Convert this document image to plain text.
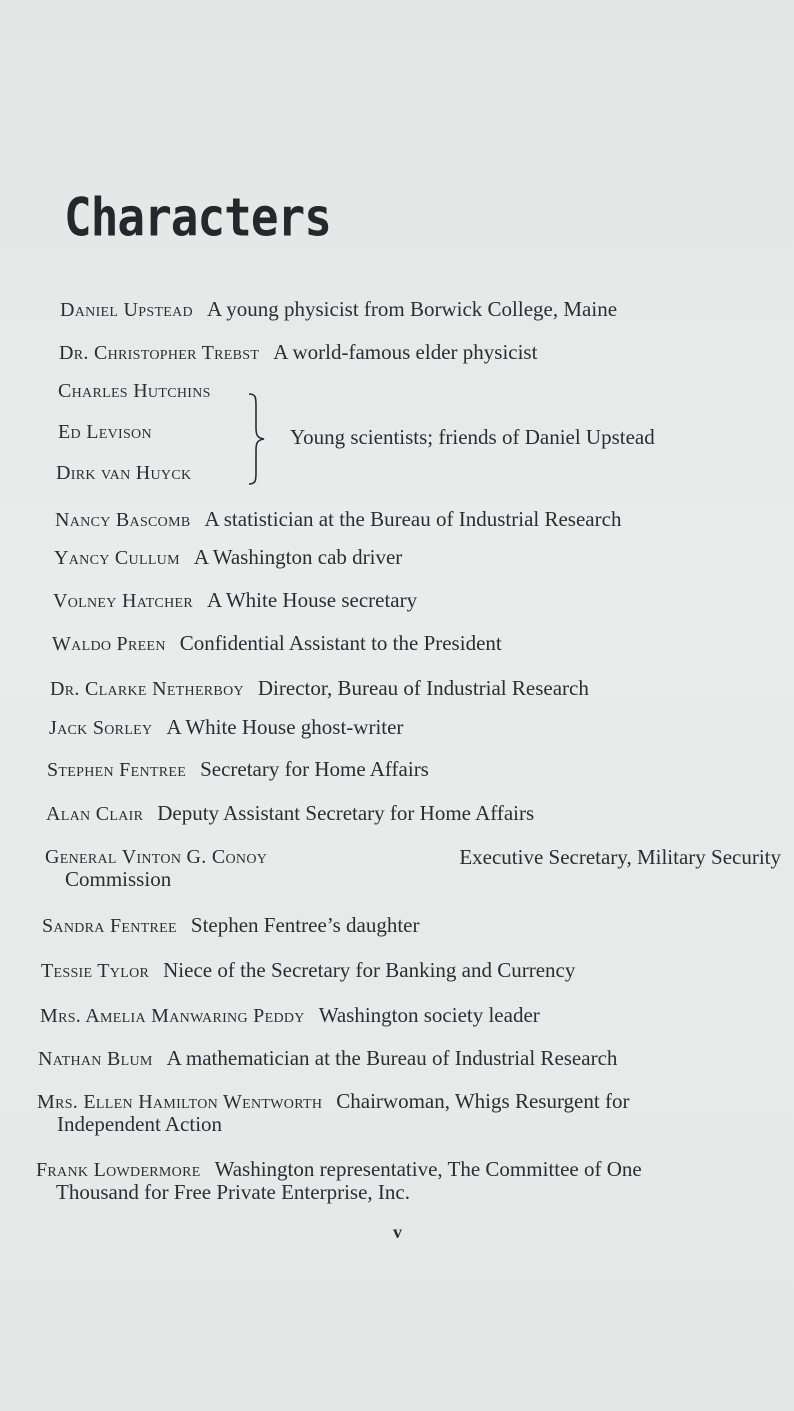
Characters
Daniel Upstead A young physicist from Borwick College, Maine
Dr. Christopher Trebst A world-famous elder physicist
Charles Hutchins
Ed Levison
Dirk van Huyck
Young scientists; friends of Daniel Upstead
Nancy Bascomb A statistician at the Bureau of Industrial Research
Yancy Cullum A Washington cab driver
Volney Hatcher A White House secretary
Waldo Preen Confidential Assistant to the President
Dr. Clarke Netherboy Director, Bureau of Industrial Research
Jack Sorley A White House ghost-writer
Stephen Fentree Secretary for Home Affairs
Alan Clair Deputy Assistant Secretary for Home Affairs
General Vinton G. Conoy	Executive Secretary, Military Security
Commission
Sandra Fentree Stephen Fentree’s daughter
Tessie Tylor Niece of the Secretary for Banking and Currency
Mrs. Amelia Manwaring Peddy Washington society leader
Nathan Blum A mathematician at the Bureau of Industrial Research
Mrs. Ellen Hamilton Wentworth Chairwoman, Whigs Resurgent for
Independent Action
Frank Lowdermore Washington representative, The Committee of One
Thousand for Free Private Enterprise, Inc.
v
